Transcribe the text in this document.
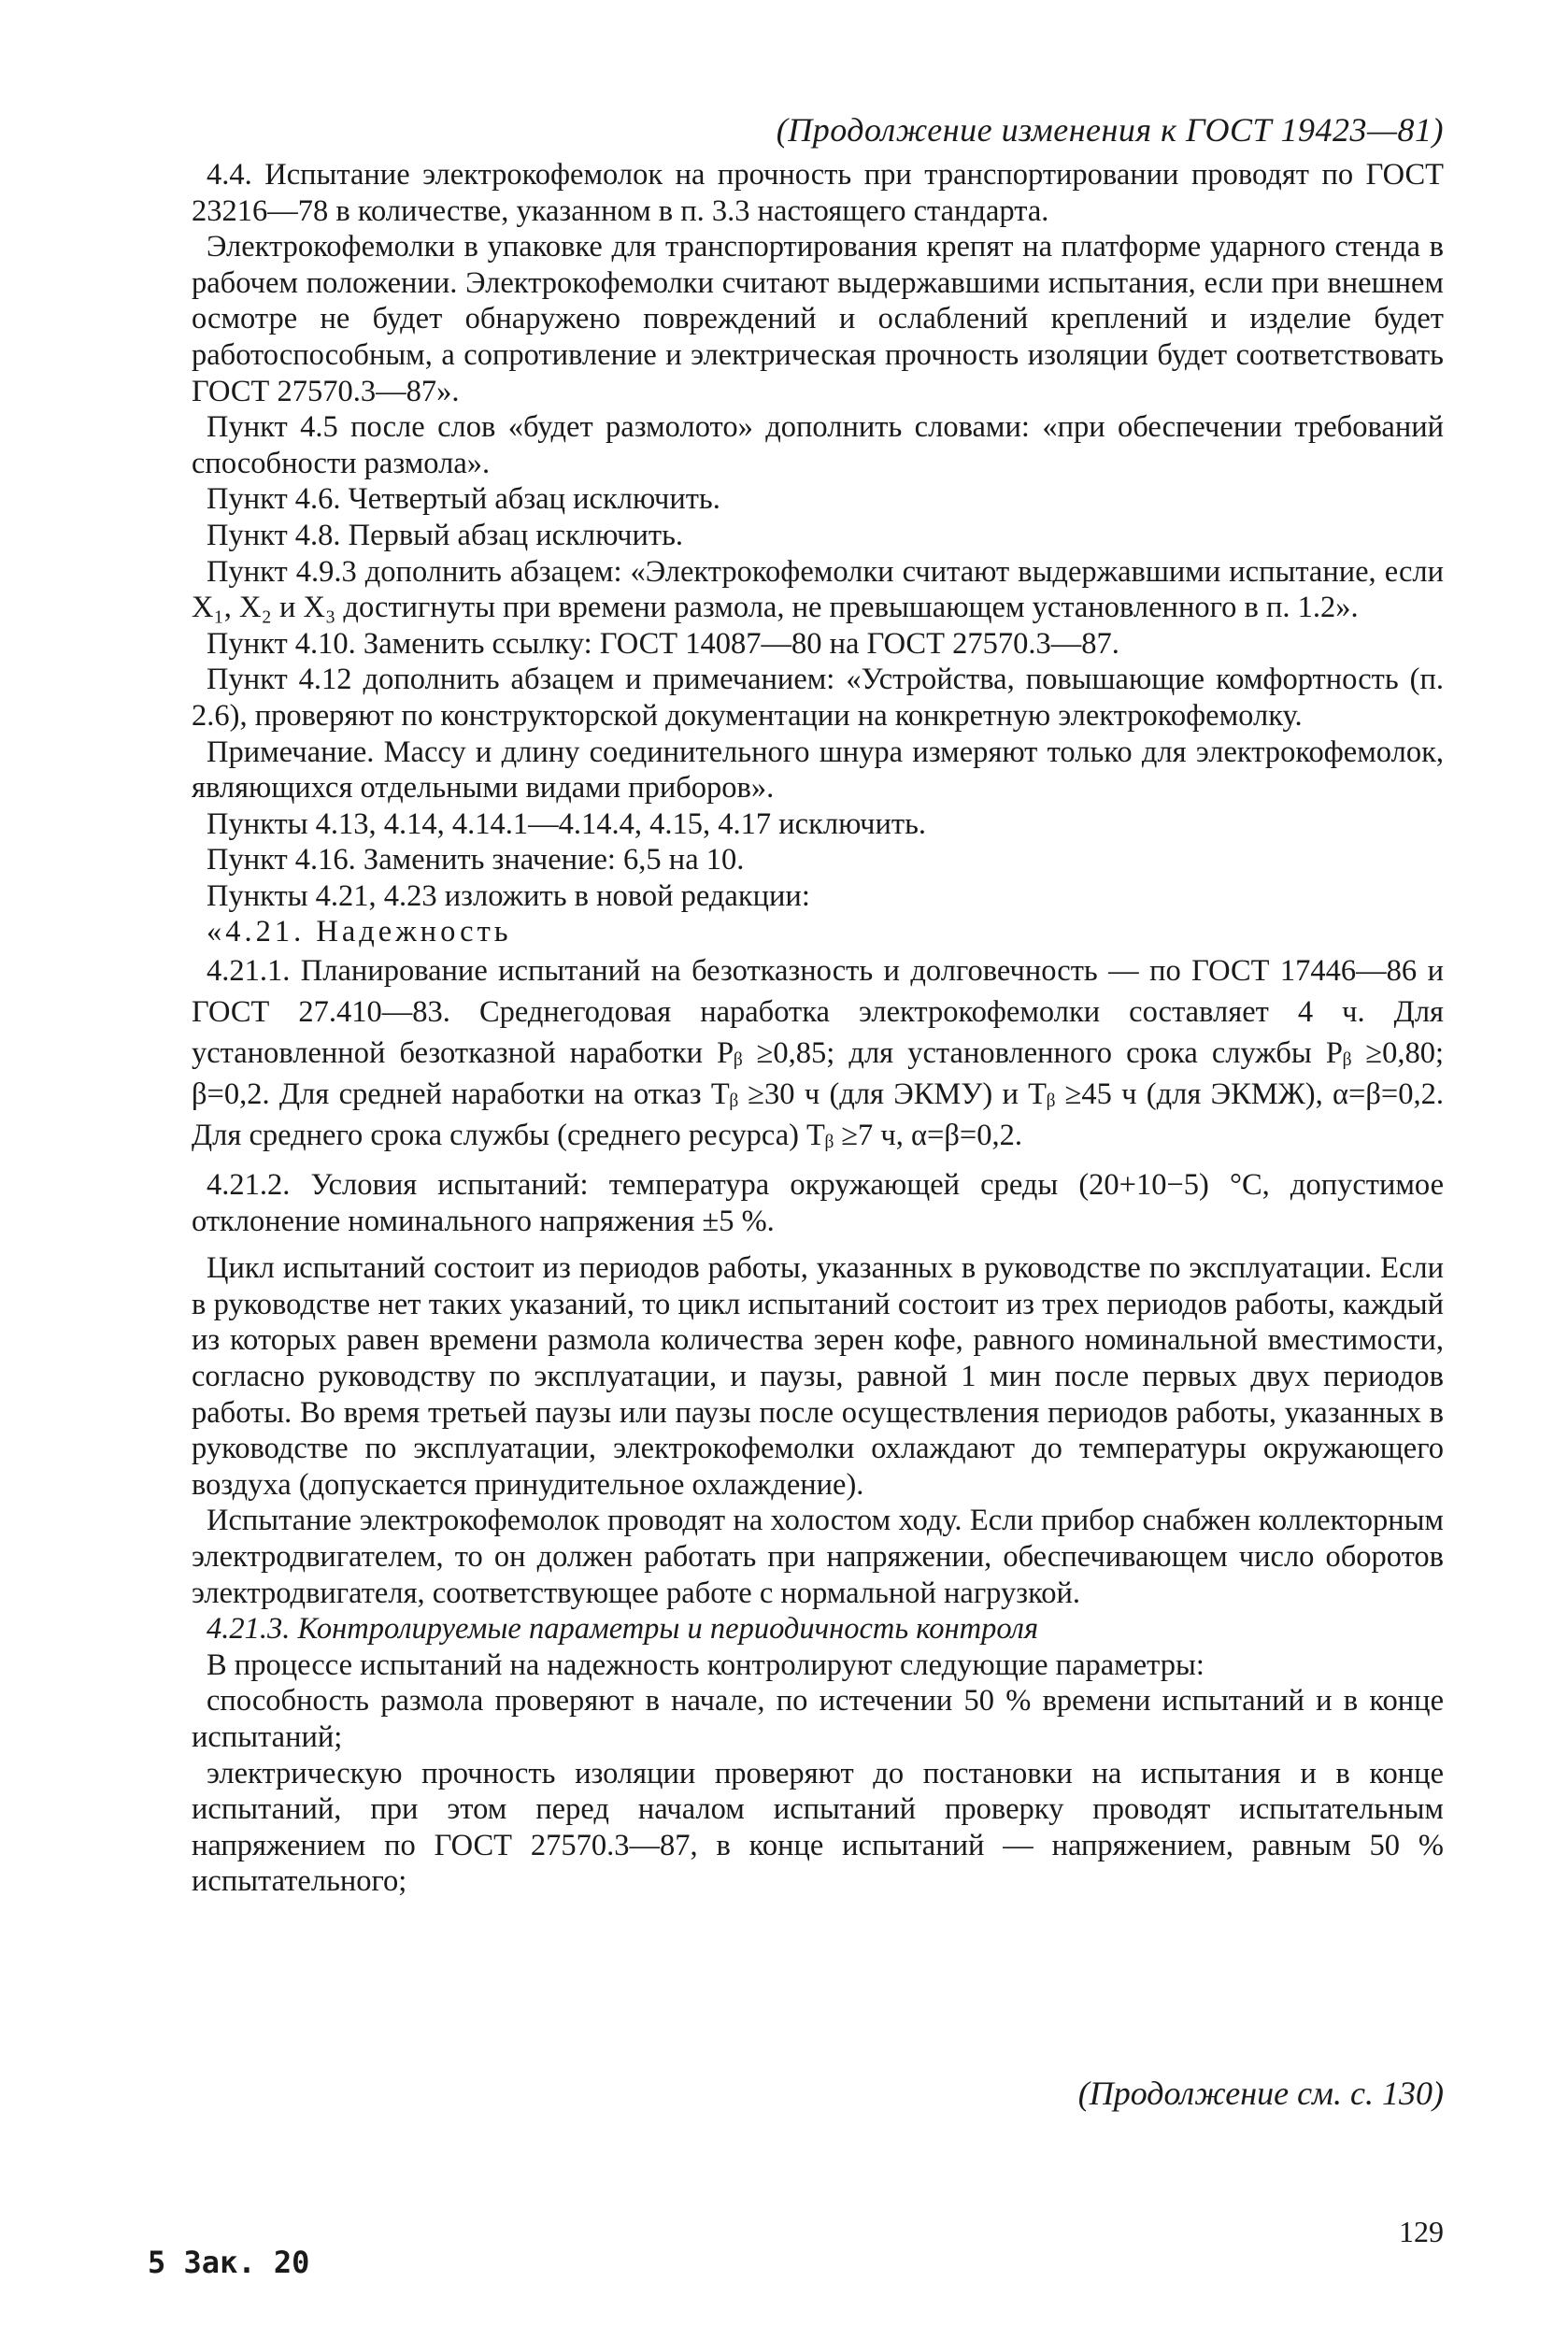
(Продолжение изменения к ГОСТ 19423—81)

4.4. Испытание электрокофемолок на прочность при транспортировании проводят по ГОСТ 23216—78 в количестве, указанном в п. 3.3 настоящего стандарта.

Электрокофемолки в упаковке для транспортирования крепят на платформе ударного стенда в рабочем положении. Электрокофемолки считают выдержавшими испытания, если при внешнем осмотре не будет обнаружено повреждений и ослаблений креплений и изделие будет работоспособным, а сопротивление и электрическая прочность изоляции будет соответствовать ГОСТ 27570.3—87».

Пункт 4.5 после слов «будет размолото» дополнить словами: «при обеспечении требований способности размола».

Пункт 4.6. Четвертый абзац исключить.

Пункт 4.8. Первый абзац исключить.

Пункт 4.9.3 дополнить абзацем: «Электрокофемолки считают выдержавшими испытание, если X₁, X₂ и X₃ достигнуты при времени размола, не превышающем установленного в п. 1.2».

Пункт 4.10. Заменить ссылку: ГОСТ 14087—80 на ГОСТ 27570.3—87.

Пункт 4.12 дополнить абзацем и примечанием: «Устройства, повышающие комфортность (п. 2.6), проверяют по конструкторской документации на конкретную электрокофемолку.

Примечание. Массу и длину соединительного шнура измеряют только для электрокофемолок, являющихся отдельными видами приборов».

Пункты 4.13, 4.14, 4.14.1—4.14.4, 4.15, 4.17 исключить.

Пункт 4.16. Заменить значение: 6,5 на 10.

Пункты 4.21, 4.23 изложить в новой редакции:

«4.21. Надежность

4.21.1. Планирование испытаний на безотказность и долговечность — по ГОСТ 17446—86 и ГОСТ 27.410—83. Среднегодовая наработка электрокофемолки составляет 4 ч. Для установленной безотказной наработки Pᵦ ≥0,85; для установленного срока службы Pᵦ ≥0,80; β=0,2. Для средней наработки на отказ Tᵦ ≥30 ч (для ЭКМУ) и Tᵦ ≥45 ч (для ЭКМЖ), α=β=0,2. Для среднего срока службы (среднего ресурса) Tᵦ ≥7 ч, α=β=0,2.

4.21.2. Условия испытаний: температура окружающей среды (20+10−5) °С, допустимое отклонение номинального напряжения ±5 %.

Цикл испытаний состоит из периодов работы, указанных в руководстве по эксплуатации. Если в руководстве нет таких указаний, то цикл испытаний состоит из трех периодов работы, каждый из которых равен времени размола количества зерен кофе, равного номинальной вместимости, согласно руководству по эксплуатации, и паузы, равной 1 мин после первых двух периодов работы. Во время третьей паузы или паузы после осуществления периодов работы, указанных в руководстве по эксплуатации, электрокофемолки охлаждают до температуры окружающего воздуха (допускается принудительное охлаждение).

Испытание электрокофемолок проводят на холостом ходу. Если прибор снабжен коллекторным электродвигателем, то он должен работать при напряжении, обеспечивающем число оборотов электродвигателя, соответствующее работе с нормальной нагрузкой.

4.21.3. Контролируемые параметры и периодичность контроля

В процессе испытаний на надежность контролируют следующие параметры:

способность размола проверяют в начале, по истечении 50 % времени испытаний и в конце испытаний;

электрическую прочность изоляции проверяют до постановки на испытания и в конце испытаний, при этом перед началом испытаний проверку проводят испытательным напряжением по ГОСТ 27570.3—87, в конце испытаний — напряжением, равным 50 % испытательного;

(Продолжение см. с. 130)
5 Зак. 20
129
